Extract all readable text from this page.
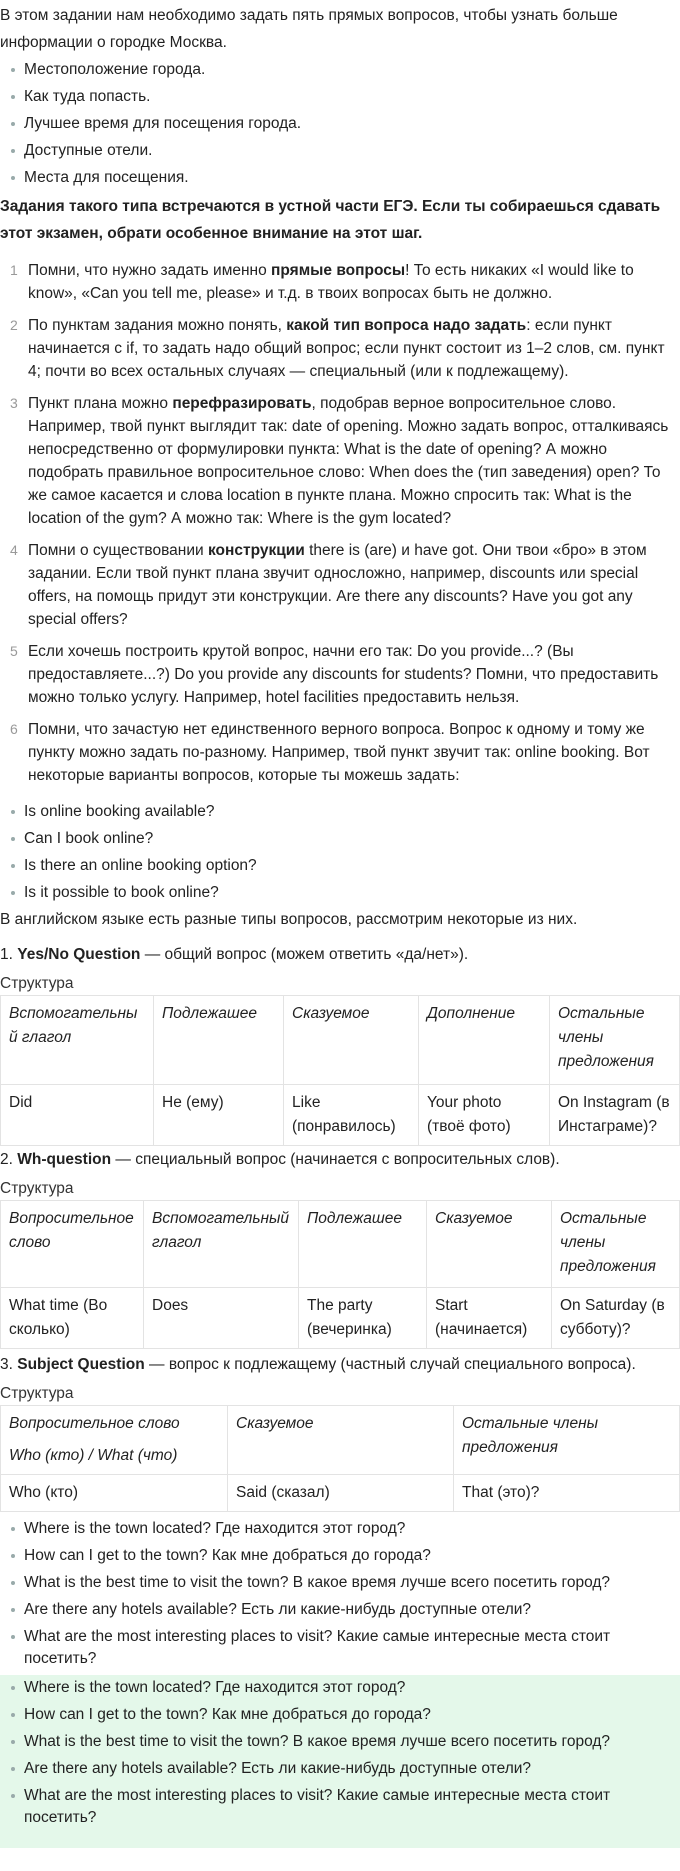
В этом задании нам необходимо задать пять прямых вопросов, чтобы узнать больше информации о городке Москва.

Местоположение города.
Как туда попасть.
Лучшее время для посещения города.
Доступные отели.
Места для посещения.

Задания такого типа встречаются в устной части ЕГЭ. Если ты собираешься сдавать этот экзамен, обрати особенное внимание на этот шаг.

1 Помни, что нужно задать именно прямые вопросы! То есть никаких «I would like to know», «Can you tell me, please» и т.д. в твоих вопросах быть не должно.
2 По пунктам задания можно понять, какой тип вопроса надо задать: если пункт начинается с if, то задать надо общий вопрос; если пункт состоит из 1–2 слов, см. пункт 4; почти во всех остальных случаях — специальный (или к подлежащему).
3 Пункт плана можно перефразировать, подобрав верное вопросительное слово. Например, твой пункт выглядит так: date of opening. Можно задать вопрос, отталкиваясь непосредственно от формулировки пункта: What is the date of opening? А можно подобрать правильное вопросительное слово: When does the (тип заведения) open? То же самое касается и слова location в пункте плана. Можно спросить так: What is the location of the gym? А можно так: Where is the gym located?
4 Помни о существовании конструкции there is (are) и have got. Они твои «бро» в этом задании. Если твой пункт плана звучит односложно, например, discounts или special offers, на помощь придут эти конструкции. Are there any discounts? Have you got any special offers?
5 Если хочешь построить крутой вопрос, начни его так: Do you provide...? (Вы предоставляете...?) Do you provide any discounts for students? Помни, что предоставить можно только услугу. Например, hotel facilities предоставить нельзя.
6 Помни, что зачастую нет единственного верного вопроса. Вопрос к одному и тому же пункту можно задать по-разному. Например, твой пункт звучит так: online booking. Вот некоторые варианты вопросов, которые ты можешь задать:
Is online booking available?
Can I book online?
Is there an online booking option?
Is it possible to book online?

В английском языке есть разные типы вопросов, рассмотрим некоторые из них.

1. Yes/No Question — общий вопрос (можем ответить «да/нет»).

Структура

Вспомогательный глагол	Подлежашее	Сказуемое	Дополнение	Остальные члены предложения
Did	He (ему)	Like (понравилось)	Your photo (твоё фото)	On Instagram (в Инстаграме)?

2. Wh-question — специальный вопрос (начинается с вопросительных слов).

Структура

Вопросительное слово	Вспомогательный глагол	Подлежашее	Сказуемое	Остальные члены предложения
What time (Во сколько)	Does	The party (вечеринка)	Start (начинается)	On Saturday (в субботу)?

3. Subject Question — вопрос к подлежащему (частный случай специального вопроса).

Структура

Вопросительное слово
Who (кто) / What (что)	Сказуемое	Остальные члены предложения
Who (кто)	Said (сказал)	That (это)?
Where is the town located? Где находится этот город?
How can I get to the town? Как мне добраться до города?
What is the best time to visit the town? В какое время лучше всего посетить город?
Are there any hotels available? Есть ли какие-нибудь доступные отели?
What are the most interesting places to visit? Какие самые интересные места стоит посетить?
Where is the town located? Где находится этот город?
How can I get to the town? Как мне добраться до города?
What is the best time to visit the town? В какое время лучше всего посетить город?
Are there any hotels available? Есть ли какие-нибудь доступные отели?
What are the most interesting places to visit? Какие самые интересные места стоит посетить?
